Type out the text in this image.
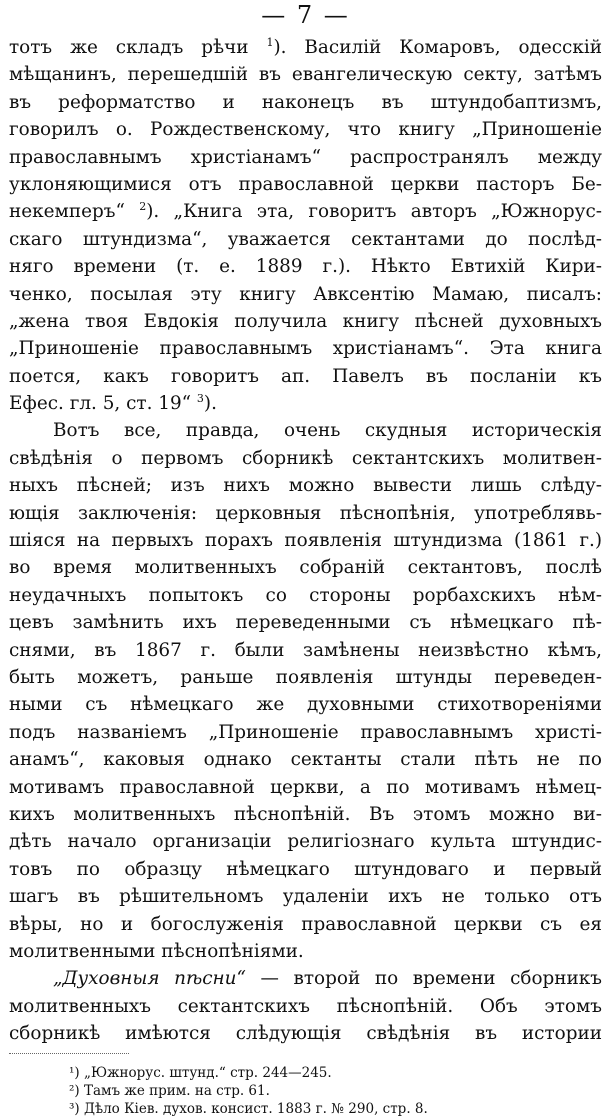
— 7 —
тотъ же складъ рѣчи $^1$). Василій Комаровъ, одесскій
мѣщанинъ, перешедшій въ евангелическую секту, затѣмъ
въ реформатство и наконецъ въ штундобаптизмъ,
говорилъ о. Рождественскому, что книгу „Приношеніе
православнымъ христіанамъ“ распространялъ между
уклоняющимися отъ православной церкви пасторъ Бе-
некемперъ“ $^2$). „Книга эта, говоритъ авторъ „Южнорус-
скаго штундизма“, уважается сектантами до послѣд-
няго времени (т. е. 1889 г.). Нѣкто Евтихій Кири-
ченко, посылая эту книгу Авксентію Мамаю, писалъ:
„жена твоя Евдокія получила книгу пѣсней духовныхъ
„Приношеніе православнымъ христіанамъ“. Эта книга
поется, какъ говоритъ ап. Павелъ въ посланіи къ
Ефес. гл. 5, ст. 19“ $^3$).
Вотъ все, правда, очень скудныя историческія
свѣдѣнія о первомъ сборникѣ сектантскихъ молитвен-
ныхъ пѣсней; изъ нихъ можно вывести лишь слѣду-
ющія заключенія: церковныя пѣснопѣнія, употреблявь-
шіяся на первыхъ порахъ появленія штундизма (1861 г.)
во время молитвенныхъ собраній сектантовъ, послѣ
неудачныхъ попытокъ со стороны рорбахскихъ нѣм-
цевъ замѣнить ихъ переведенными съ нѣмецкаго пѣ-
снями, въ 1867 г. были замѣнены неизвѣстно кѣмъ,
быть можетъ, раньше появленія штунды переведен-
ными съ нѣмецкаго же духовными стихотвореніями
подъ названіемъ „Приношеніе православнымъ христі-
анамъ“, каковыя однако сектанты стали пѣть не по
мотивамъ православной церкви, а по мотивамъ нѣмец-
кихъ молитвенныхъ пѣснопѣній. Въ этомъ можно ви-
дѣть начало организаціи религіознаго культа штундис-
товъ по образцу нѣмецкаго штундоваго и первый
шагъ въ рѣшительномъ удаленіи ихъ не только отъ
вѣры, но и богослуженія православной церкви съ ея
молитвенными пѣснопѣніями.
„Духовныя пѣсни“ — второй по времени сборникъ
молитвенныхъ сектантскихъ пѣснопѣній. Объ этомъ
сборникѣ имѣются слѣдующія свѣдѣнія въ истории
¹) „Южнорус. штунд.“ стр. 244—245.
²) Тамъ же прим. на стр. 61.
³) Дѣло Кіев. духов. консист. 1883 г. № 290, стр. 8.
